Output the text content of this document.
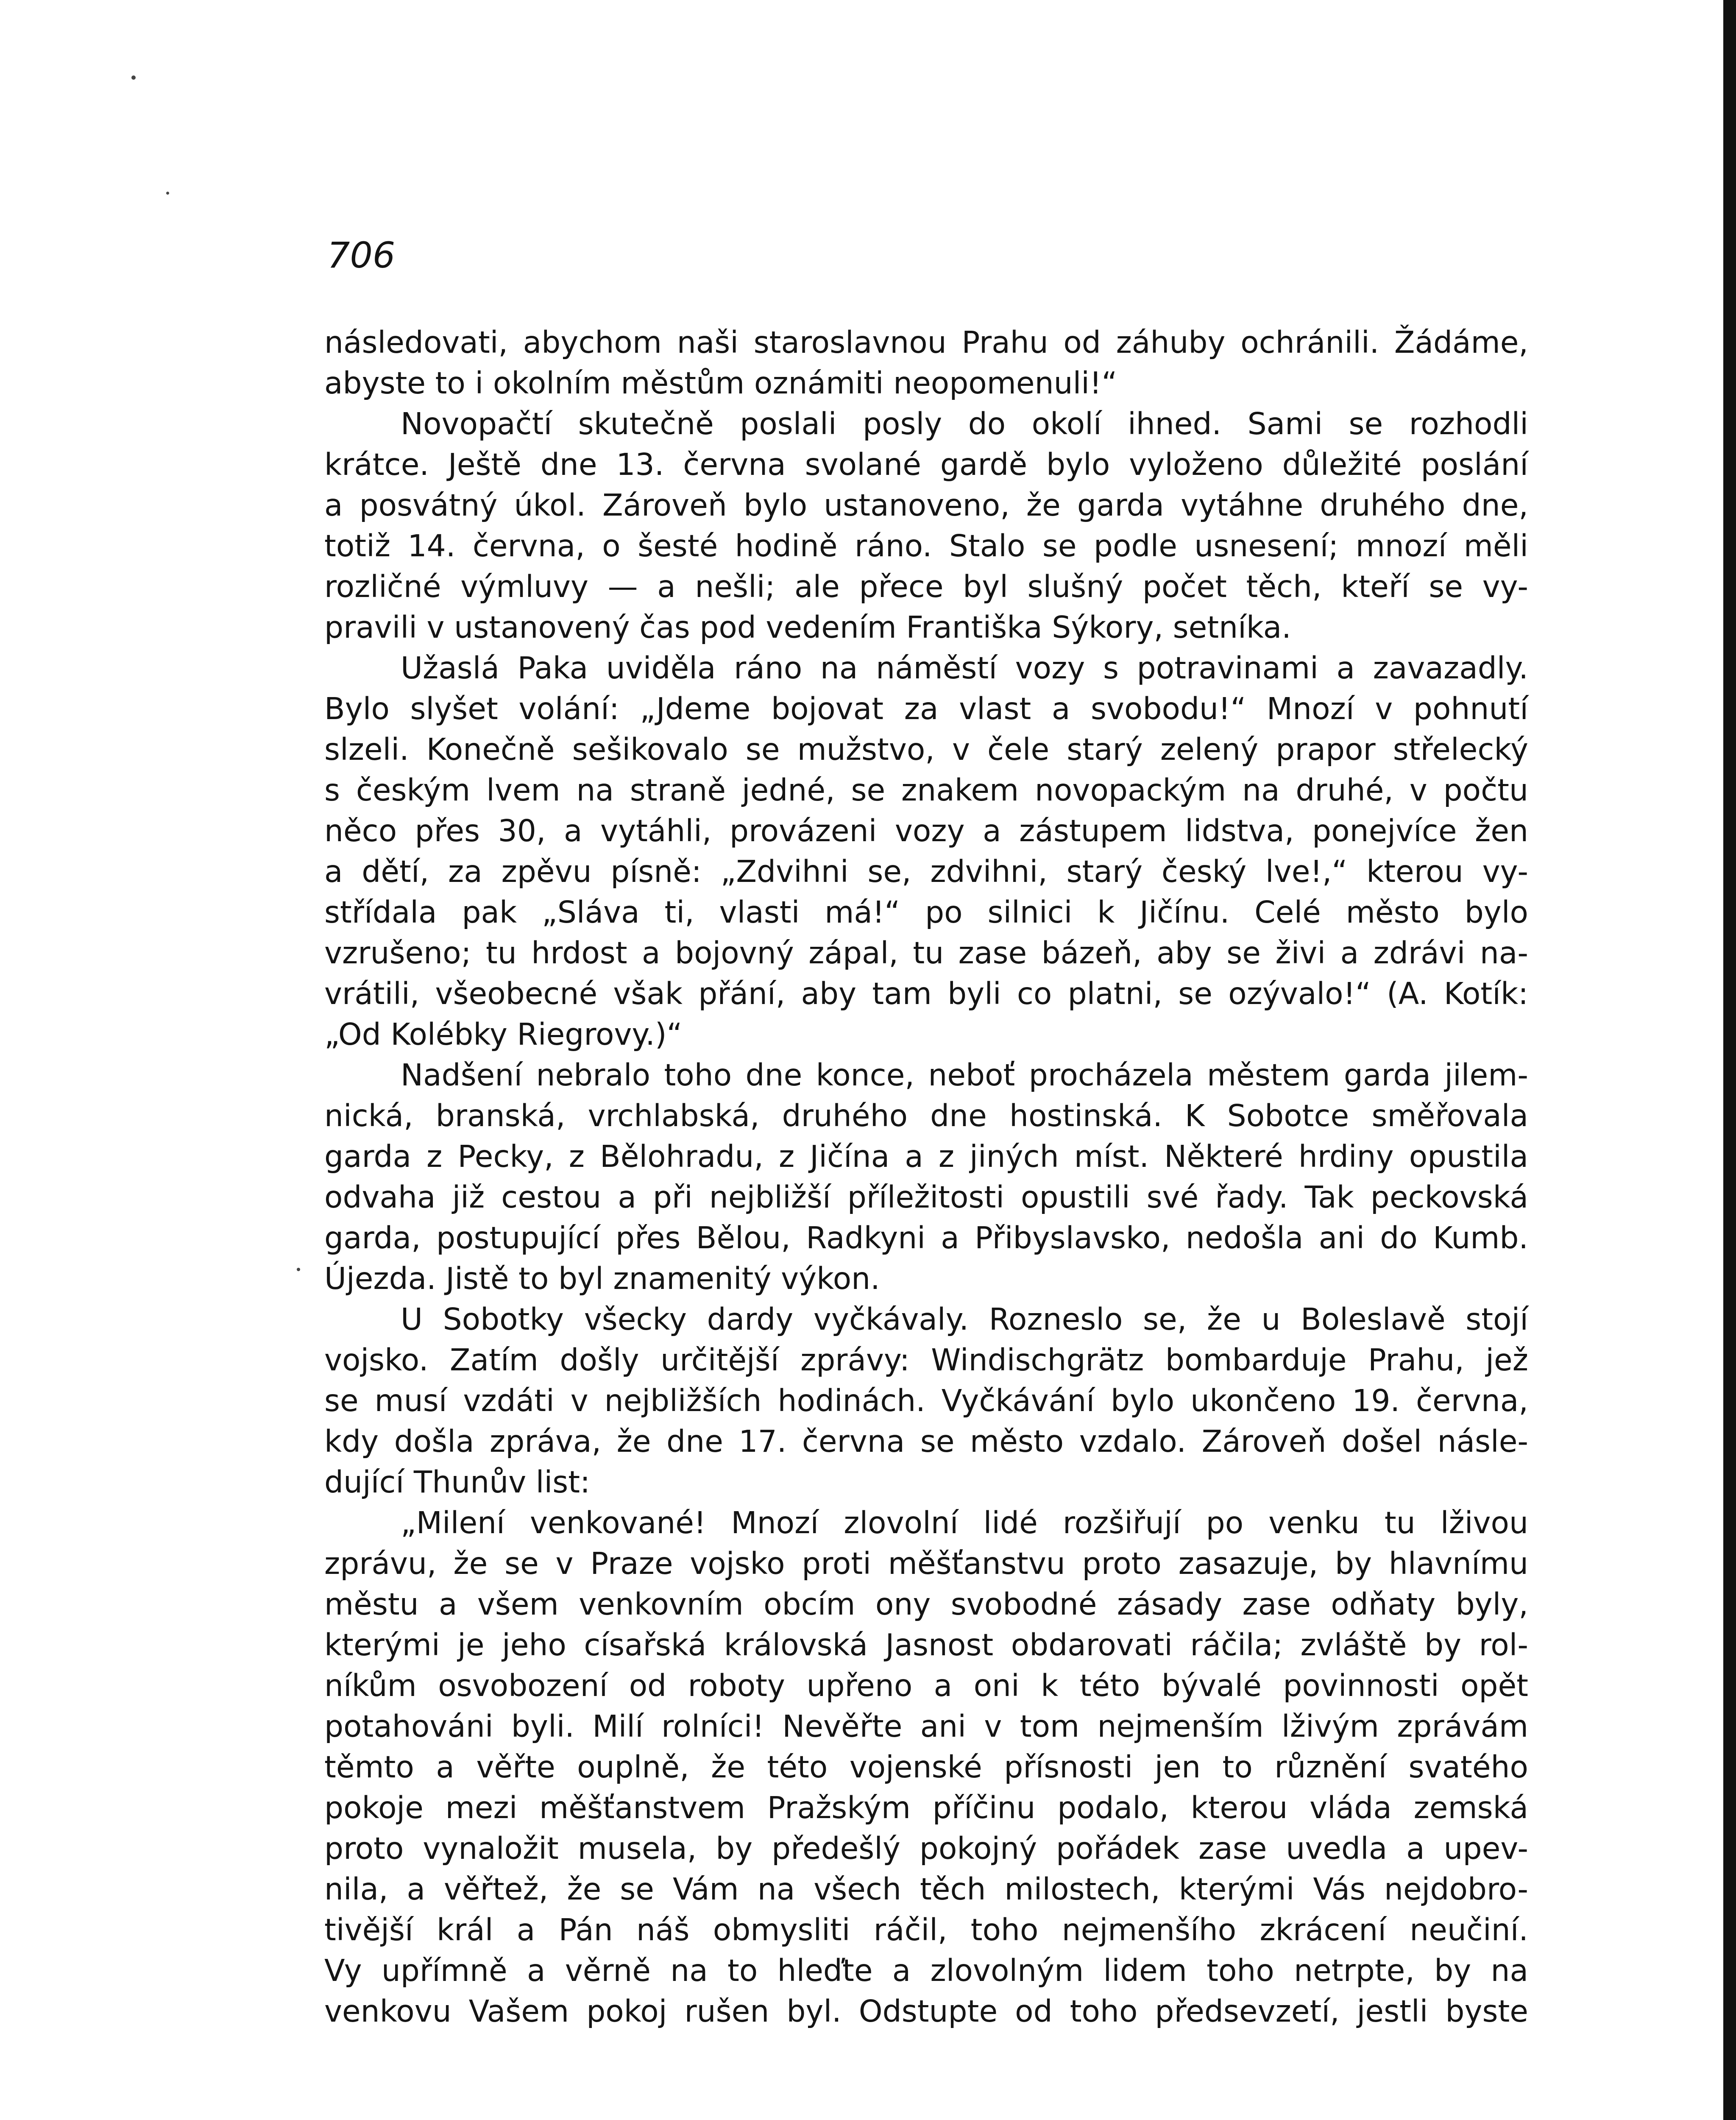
706
následovati, abychom naši staroslavnou Prahu od záhuby ochránili. Žádáme,
abyste to i okolním městům oznámiti neopomenuli!“
Novopačtí skutečně poslali posly do okolí ihned. Sami se rozhodli
krátce. Ještě dne 13. června svolané gardě bylo vyloženo důležité poslání
a posvátný úkol. Zároveň bylo ustanoveno, že garda vytáhne druhého dne,
totiž 14. června, o šesté hodině ráno. Stalo se podle usnesení; mnozí měli
rozličné výmluvy — a nešli; ale přece byl slušný počet těch, kteří se vy-
pravili v ustanovený čas pod vedením Františka Sýkory, setníka.
Užaslá Paka uviděla ráno na náměstí vozy s potravinami a zavazadly.
Bylo slyšet volání: „Jdeme bojovat za vlast a svobodu!“ Mnozí v pohnutí
slzeli. Konečně sešikovalo se mužstvo, v čele starý zelený prapor střelecký
s českým lvem na straně jedné, se znakem novopackým na druhé, v počtu
něco přes 30, a vytáhli, provázeni vozy a zástupem lidstva, ponejvíce žen
a dětí, za zpěvu písně: „Zdvihni se, zdvihni, starý český lve!,“ kterou vy-
střídala pak „Sláva ti, vlasti má!“ po silnici k Jičínu. Celé město bylo
vzrušeno; tu hrdost a bojovný zápal, tu zase bázeň, aby se živi a zdrávi na-
vrátili, všeobecné však přání, aby tam byli co platni, se ozývalo!“ (A. Kotík:
„Od Kolébky Riegrovy.)“
Nadšení nebralo toho dne konce, neboť procházela městem garda jilem-
nická, branská, vrchlabská, druhého dne hostinská. K Sobotce směřovala
garda z Pecky, z Bělohradu, z Jičína a z jiných míst. Některé hrdiny opustila
odvaha již cestou a při nejbližší příležitosti opustili své řady. Tak peckovská
garda, postupující přes Bělou, Radkyni a Přibyslavsko, nedošla ani do Kumb.
Újezda. Jistě to byl znamenitý výkon.
U Sobotky všecky dardy vyčkávaly. Rozneslo se, že u Boleslavě stojí
vojsko. Zatím došly určitější zprávy: Windischgrätz bombarduje Prahu, jež
se musí vzdáti v nejbližších hodinách. Vyčkávání bylo ukončeno 19. června,
kdy došla zpráva, že dne 17. června se město vzdalo. Zároveň došel násle-
dující Thunův list:
„Milení venkované! Mnozí zlovolní lidé rozšiřují po venku tu lživou
zprávu, že se v Praze vojsko proti měšťanstvu proto zasazuje, by hlavnímu
městu a všem venkovním obcím ony svobodné zásady zase odňaty byly,
kterými je jeho císařská královská Jasnost obdarovati ráčila; zvláště by rol-
níkům osvobození od roboty upřeno a oni k této bývalé povinnosti opět
potahováni byli. Milí rolníci! Nevěřte ani v tom nejmenším lživým zprávám
těmto a věřte ouplně, že této vojenské přísnosti jen to různění svatého
pokoje mezi měšťanstvem Pražským příčinu podalo, kterou vláda zemská
proto vynaložit musela, by předešlý pokojný pořádek zase uvedla a upev-
nila, a věřtež, že se Vám na všech těch milostech, kterými Vás nejdobro-
tivější král a Pán náš obmysliti ráčil, toho nejmenšího zkrácení neučiní.
Vy upřímně a věrně na to hleďte a zlovolným lidem toho netrpte, by na
venkovu Vašem pokoj rušen byl. Odstupte od toho předsevzetí, jestli byste
